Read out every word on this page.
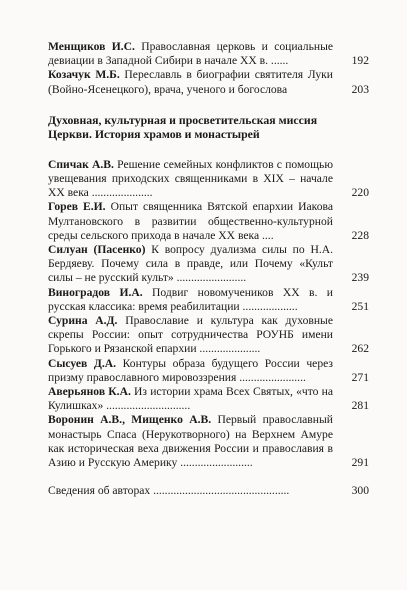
Менщиков И.С. Православная церковь и социальные девиации в Западной Сибири в начале XX в. ......	192
Козачук М.Б. Переславль в биографии святителя Луки (Войно-Ясенецкого), врача, ученого и богослова	203
Духовная, культурная и просветительская миссия Церкви. История храмов и монастырей
Спичак А.В. Решение семейных конфликтов с помощью увещевания приходских священниками в XIX – начале XX века .....................	220
Горев Е.И. Опыт священника Вятской епархии Иакова Мултановского в развитии общественно-культурной среды сельского прихода в начале XX века ....	228
Силуан (Пасенко) К вопросу дуализма силы по Н.А. Бердяеву. Почему сила в правде, или Почему «Культ силы – не русский культ» ........................	239
Виноградов И.А. Подвиг новомучеников XX в. и русская классика: время реабилитации ...................	251
Сурина А.Д. Православие и культура как духовные скрепы России: опыт сотрудничества РОУНБ имени Горького и Рязанской епархии .....................	262
Сысуев Д.А. Контуры образа будущего России через призму православного мировоззрения .......................	271
Аверьянов К.А. Из истории храма Всех Святых, «что на Кулишках» .............................	281
Воронин А.В., Мищенко А.В. Первый православный монастырь Спаса (Нерукотворного) на Верхнем Амуре как историческая веха движения России и православия в Азию и Русскую Америку .........................	291
Сведения об авторах ...............................................	300
